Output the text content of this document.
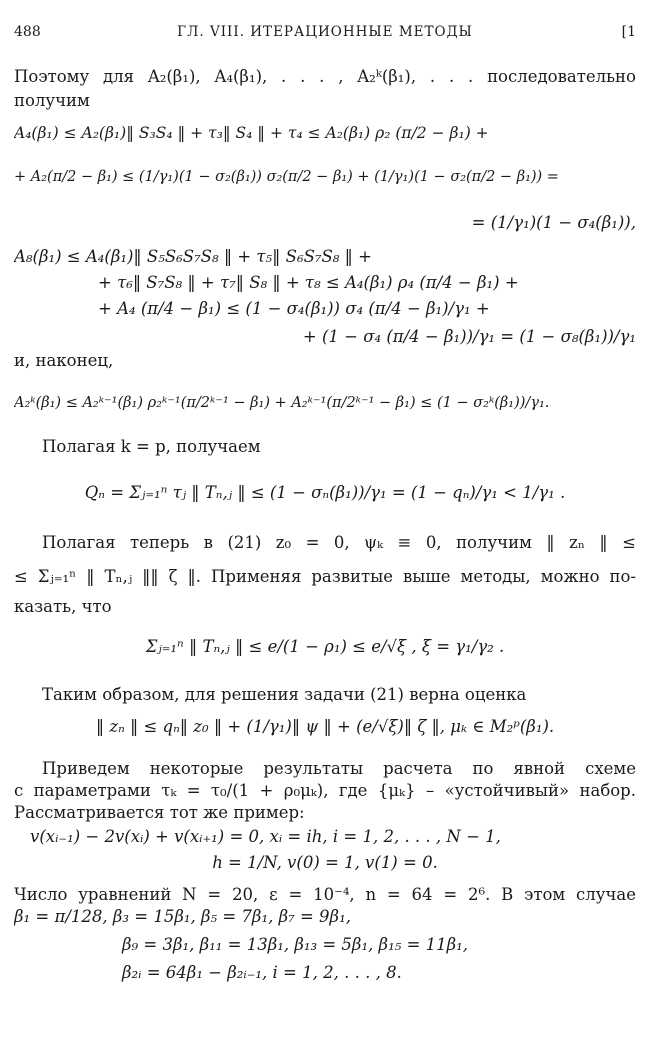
488	ГЛ. VIII. ИТЕРАЦИОННЫЕ МЕТОДЫ	[1
Поэтому для A₂(β₁), A₄(β₁), . . . , A₂ᵏ(β₁), . . . последовательно
получим
A₄(β₁) ≤ A₂(β₁)‖ S₃S₄ ‖ + τ₃‖ S₄ ‖ + τ₄ ≤ A₂(β₁) ρ₂ (π/2 − β₁) +
+ A₂(π/2 − β₁) ≤ (1/γ₁)(1 − σ₂(β₁)) σ₂(π/2 − β₁) + (1/γ₁)(1 − σ₂(π/2 − β₁)) =
= (1/γ₁)(1 − σ₄(β₁)),
A₈(β₁) ≤ A₄(β₁)‖ S₅S₆S₇S₈ ‖ + τ₅‖ S₆S₇S₈ ‖ +
+ τ₆‖ S₇S₈ ‖ + τ₇‖ S₈ ‖ + τ₈ ≤ A₄(β₁) ρ₄ (π/4 − β₁) +
+ A₄ (π/4 − β₁) ≤ (1 − σ₄(β₁)) σ₄ (π/4 − β₁)/γ₁ +
+ (1 − σ₄ (π/4 − β₁))/γ₁ = (1 − σ₈(β₁))/γ₁
и, наконец,
A₂ᵏ(β₁) ≤ A₂ᵏ⁻¹(β₁) ρ₂ᵏ⁻¹(π/2ᵏ⁻¹ − β₁) + A₂ᵏ⁻¹(π/2ᵏ⁻¹ − β₁) ≤ (1 − σ₂ᵏ(β₁))/γ₁.
Полагая k = p, получаем
Qₙ = Σⱼ₌₁ⁿ τⱼ ‖ Tₙ,ⱼ ‖ ≤ (1 − σₙ(β₁))/γ₁ = (1 − qₙ)/γ₁ < 1/γ₁ .
Полагая теперь в (21) z₀ = 0, ψₖ ≡ 0, получим ‖ zₙ ‖ ≤
≤ Σⱼ₌₁ⁿ ‖ Tₙ,ⱼ ‖‖ ζ ‖. Применяя развитые выше методы, можно по-
казать, что
Σⱼ₌₁ⁿ ‖ Tₙ,ⱼ ‖ ≤ e/(1 − ρ₁) ≤ e/√ξ , ξ = γ₁/γ₂ .
Таким образом, для решения задачи (21) верна оценка
‖ zₙ ‖ ≤ qₙ‖ z₀ ‖ + (1/γ₁)‖ ψ ‖ + (e/√ξ)‖ ζ ‖, μₖ ∈ M₂ᵖ(β₁).
Приведем некоторые результаты расчета по явной схеме
с параметрами τₖ = τ₀/(1 + ρ₀μₖ), где {μₖ} – «устойчивый» набор.
Рассматривается тот же пример:
v(xᵢ₋₁) − 2v(xᵢ) + v(xᵢ₊₁) = 0, xᵢ = ih, i = 1, 2, . . . , N − 1,
h = 1/N, v(0) = 1, v(1) = 0.
Число уравнений N = 20, ε = 10⁻⁴, n = 64 = 2⁶. В этом случае
β₁ = π/128, β₃ = 15β₁, β₅ = 7β₁, β₇ = 9β₁,
β₉ = 3β₁, β₁₁ = 13β₁, β₁₃ = 5β₁, β₁₅ = 11β₁,
β₂ᵢ = 64β₁ − β₂ᵢ₋₁, i = 1, 2, . . . , 8.
